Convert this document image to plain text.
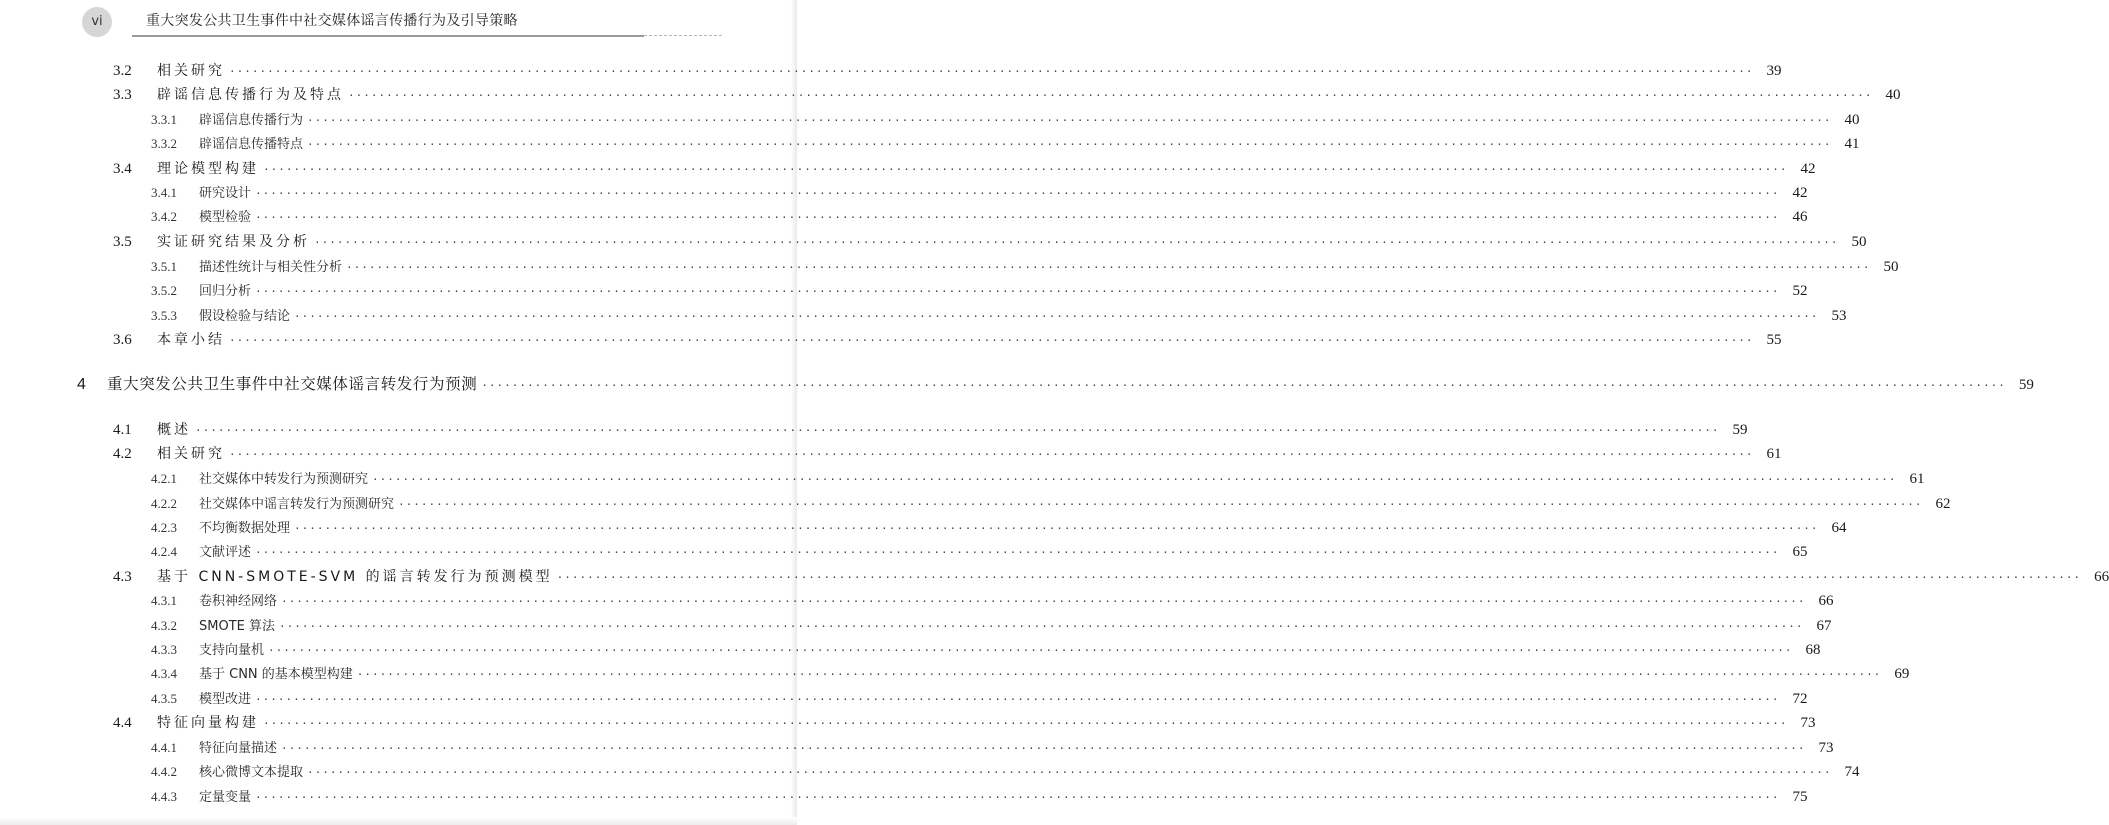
vi	重大突发公共卫生事件中社交媒体谣言传播行为及引导策略
3.2	相关研究 ········································································································································································································ 39
3.3	辟谣信息传播行为及特点 ········································································································································································································ 40
3.3.1	辟谣信息传播行为 ········································································································································································································ 40
3.3.2	辟谣信息传播特点 ········································································································································································································ 41
3.4	理论模型构建 ········································································································································································································ 42
3.4.1	研究设计 ········································································································································································································ 42
3.4.2	模型检验 ········································································································································································································ 46
3.5	实证研究结果及分析 ········································································································································································································ 50
3.5.1	描述性统计与相关性分析 ········································································································································································································ 50
3.5.2	回归分析 ········································································································································································································ 52
3.5.3	假设检验与结论 ········································································································································································································ 53
3.6	本章小结 ········································································································································································································ 55
4	重大突发公共卫生事件中社交媒体谣言转发行为预测 ········································································································································································································ 59
4.1	概述 ········································································································································································································ 59
4.2	相关研究 ········································································································································································································ 61
4.2.1	社交媒体中转发行为预测研究 ········································································································································································································ 61
4.2.2	社交媒体中谣言转发行为预测研究 ········································································································································································································ 62
4.2.3	不均衡数据处理 ········································································································································································································ 64
4.2.4	文献评述 ········································································································································································································ 65
4.3	基于 CNN-SMOTE-SVM 的谣言转发行为预测模型 ········································································································································································································ 66
4.3.1	卷积神经网络 ········································································································································································································ 66
4.3.2	SMOTE 算法 ········································································································································································································ 67
4.3.3	支持向量机 ········································································································································································································ 68
4.3.4	基于 CNN 的基本模型构建 ········································································································································································································ 69
4.3.5	模型改进 ········································································································································································································ 72
4.4	特征向量构建 ········································································································································································································ 73
4.4.1	特征向量描述 ········································································································································································································ 73
4.4.2	核心微博文本提取 ········································································································································································································ 74
4.4.3	定量变量 ········································································································································································································ 75
